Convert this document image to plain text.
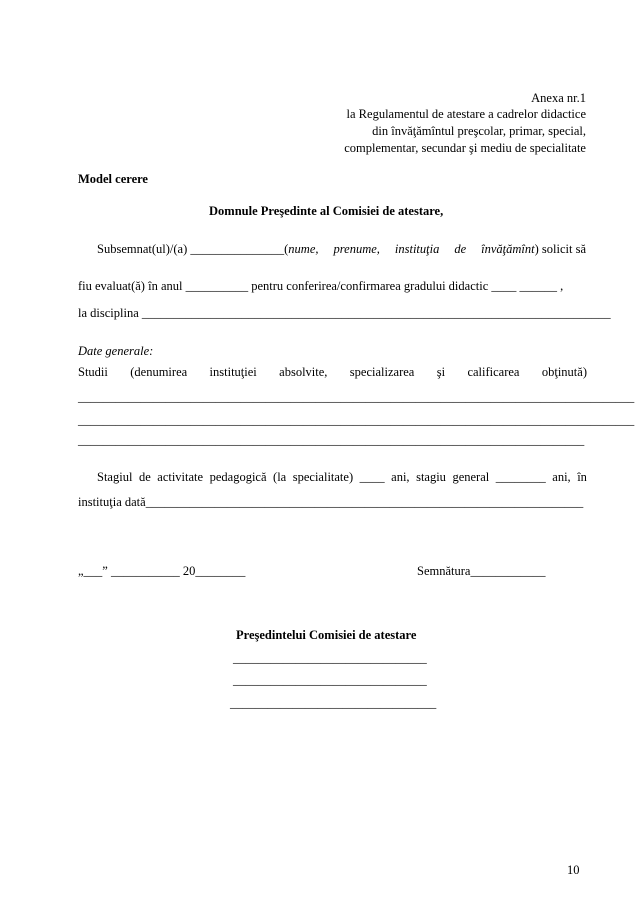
Anexa nr.1
la Regulamentul de atestare a cadrelor didactice
din învăţămîntul preşcolar, primar, special,
complementar, secundar şi mediu de specialitate
Model cerere
Domnule Preşedinte al Comisiei de atestare,
Subsemnat(ul)/(a) _______________( nume, prenume, instituţia de învăţămînt ) solicit să
fiu evaluat(ă) în anul __________ pentru conferirea/confirmarea gradului didactic ____ ______ ,
la disciplina ___________________________________________________________________________
Date generale:
Studii (denumirea instituţiei absolvite, specializarea şi calificarea obţinută)
_________________________________________________________________________________________
_________________________________________________________________________________________
_________________________________________________________________________________
Stagiul de activitate pedagogică (la specialitate) ____ ani, stagiu general ________ ani, în
instituţia dată______________________________________________________________________
„___” ___________ 20________	Semnătura____________
Preşedintelui Comisiei de atestare
_______________________________
_______________________________
_________________________________
10
